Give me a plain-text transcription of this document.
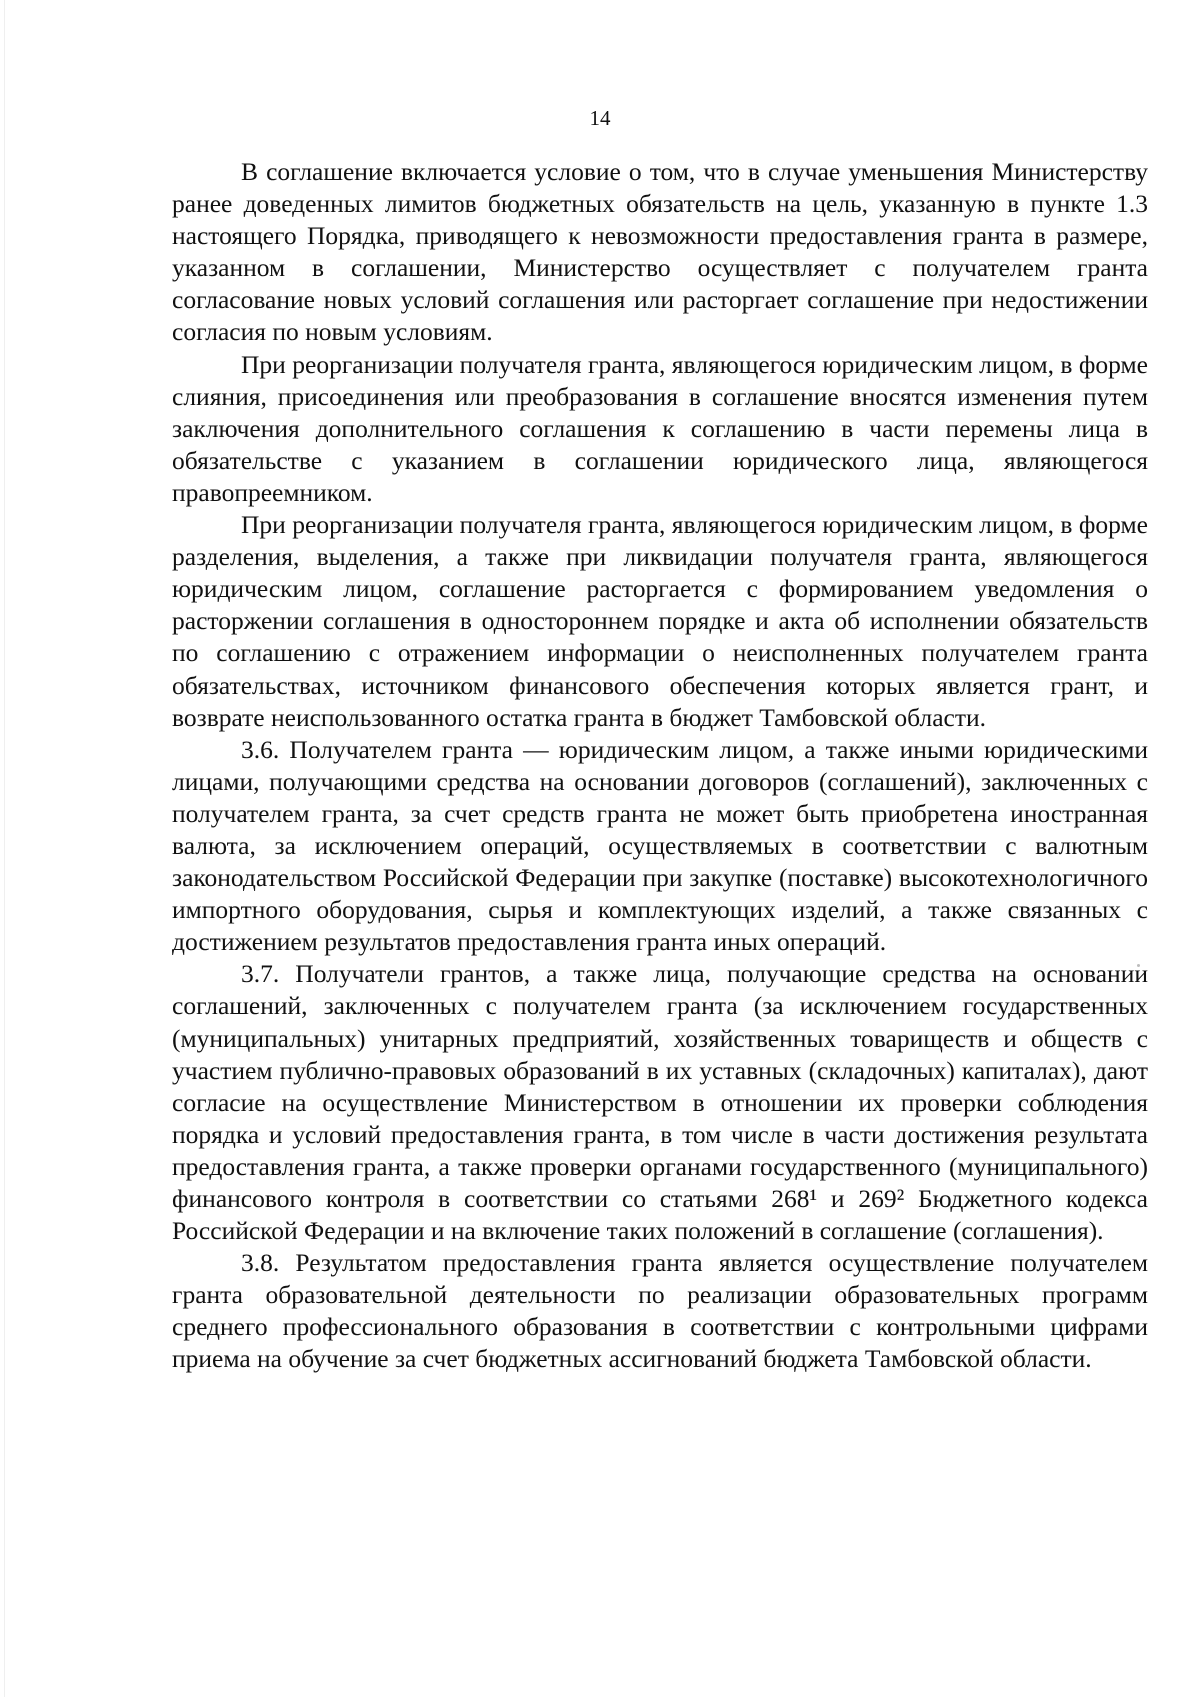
14

В соглашение включается условие о том, что в случае уменьшения Министерству ранее доведенных лимитов бюджетных обязательств на цель, указанную в пункте 1.3 настоящего Порядка, приводящего к невозможности предоставления гранта в размере, указанном в соглашении, Министерство осуществляет с получателем гранта согласование новых условий соглашения или расторгает соглашение при недостижении согласия по новым условиям.

При реорганизации получателя гранта, являющегося юридическим лицом, в форме слияния, присоединения или преобразования в соглашение вносятся изменения путем заключения дополнительного соглашения к соглашению в части перемены лица в обязательстве с указанием в соглашении юридического лица, являющегося правопреемником.

При реорганизации получателя гранта, являющегося юридическим лицом, в форме разделения, выделения, а также при ликвидации получателя гранта, являющегося юридическим лицом, соглашение расторгается с формированием уведомления о расторжении соглашения в одностороннем порядке и акта об исполнении обязательств по соглашению с отражением информации о неисполненных получателем гранта обязательствах, источником финансового обеспечения которых является грант, и возврате неиспользованного остатка гранта в бюджет Тамбовской области.

3.6. Получателем гранта — юридическим лицом, а также иными юридическими лицами, получающими средства на основании договоров (соглашений), заключенных с получателем гранта, за счет средств гранта не может быть приобретена иностранная валюта, за исключением операций, осуществляемых в соответствии с валютным законодательством Российской Федерации при закупке (поставке) высокотехнологичного импортного оборудования, сырья и комплектующих изделий, а также связанных с достижением результатов предоставления гранта иных операций.

3.7. Получатели грантов, а также лица, получающие средства на основании соглашений, заключенных с получателем гранта (за исключением государственных (муниципальных) унитарных предприятий, хозяйственных товариществ и обществ с участием публично-правовых образований в их уставных (складочных) капиталах), дают согласие на осуществление Министерством в отношении их проверки соблюдения порядка и условий предоставления гранта, в том числе в части достижения результата предоставления гранта, а также проверки органами государственного (муниципального) финансового контроля в соответствии со статьями 268¹ и 269² Бюджетного кодекса Российской Федерации и на включение таких положений в соглашение (соглашения).

3.8. Результатом предоставления гранта является осуществление получателем гранта образовательной деятельности по реализации образовательных программ среднего профессионального образования в соответствии с контрольными цифрами приема на обучение за счет бюджетных ассигнований бюджета Тамбовской области.
